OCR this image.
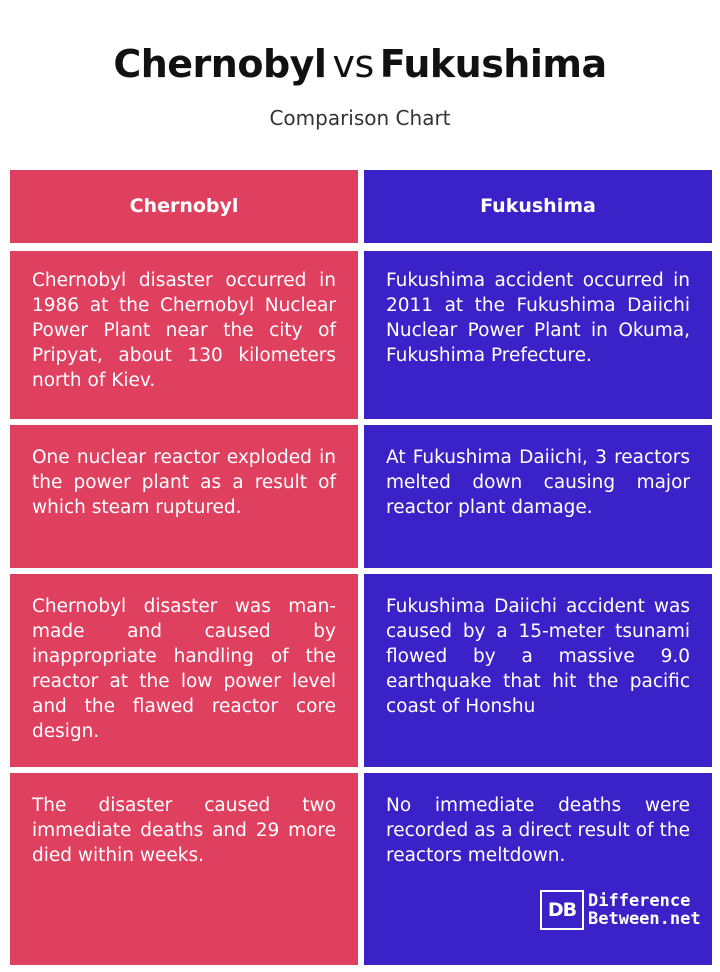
Chernobyl vs Fukushima
Comparison Chart
Chernobyl	Fukushima

Chernobyl disaster occurred in 1986 at the Chernobyl Nuclear Power Plant near the city of Pripyat, about 130 kilometers north of Kiev.

Fukushima accident occurred in 2011 at the Fukushima Daiichi Nuclear Power Plant in Okuma, Fukushima Prefecture.

One nuclear reactor exploded in the power plant as a result of which steam ruptured.

At Fukushima Daiichi, 3 reactors melted down causing major reactor plant damage.

Chernobyl disaster was man-made and caused by inappropriate handling of the reactor at the low power level and the flawed reactor core design.

Fukushima Daiichi accident was caused by a 15-meter tsunami flowed by a massive 9.0 earthquake that hit the pacific coast of Honshu

The disaster caused two immediate deaths and 29 more died within weeks.

No immediate deaths were recorded as a direct result of the reactors meltdown.

DB Difference
Between.net
